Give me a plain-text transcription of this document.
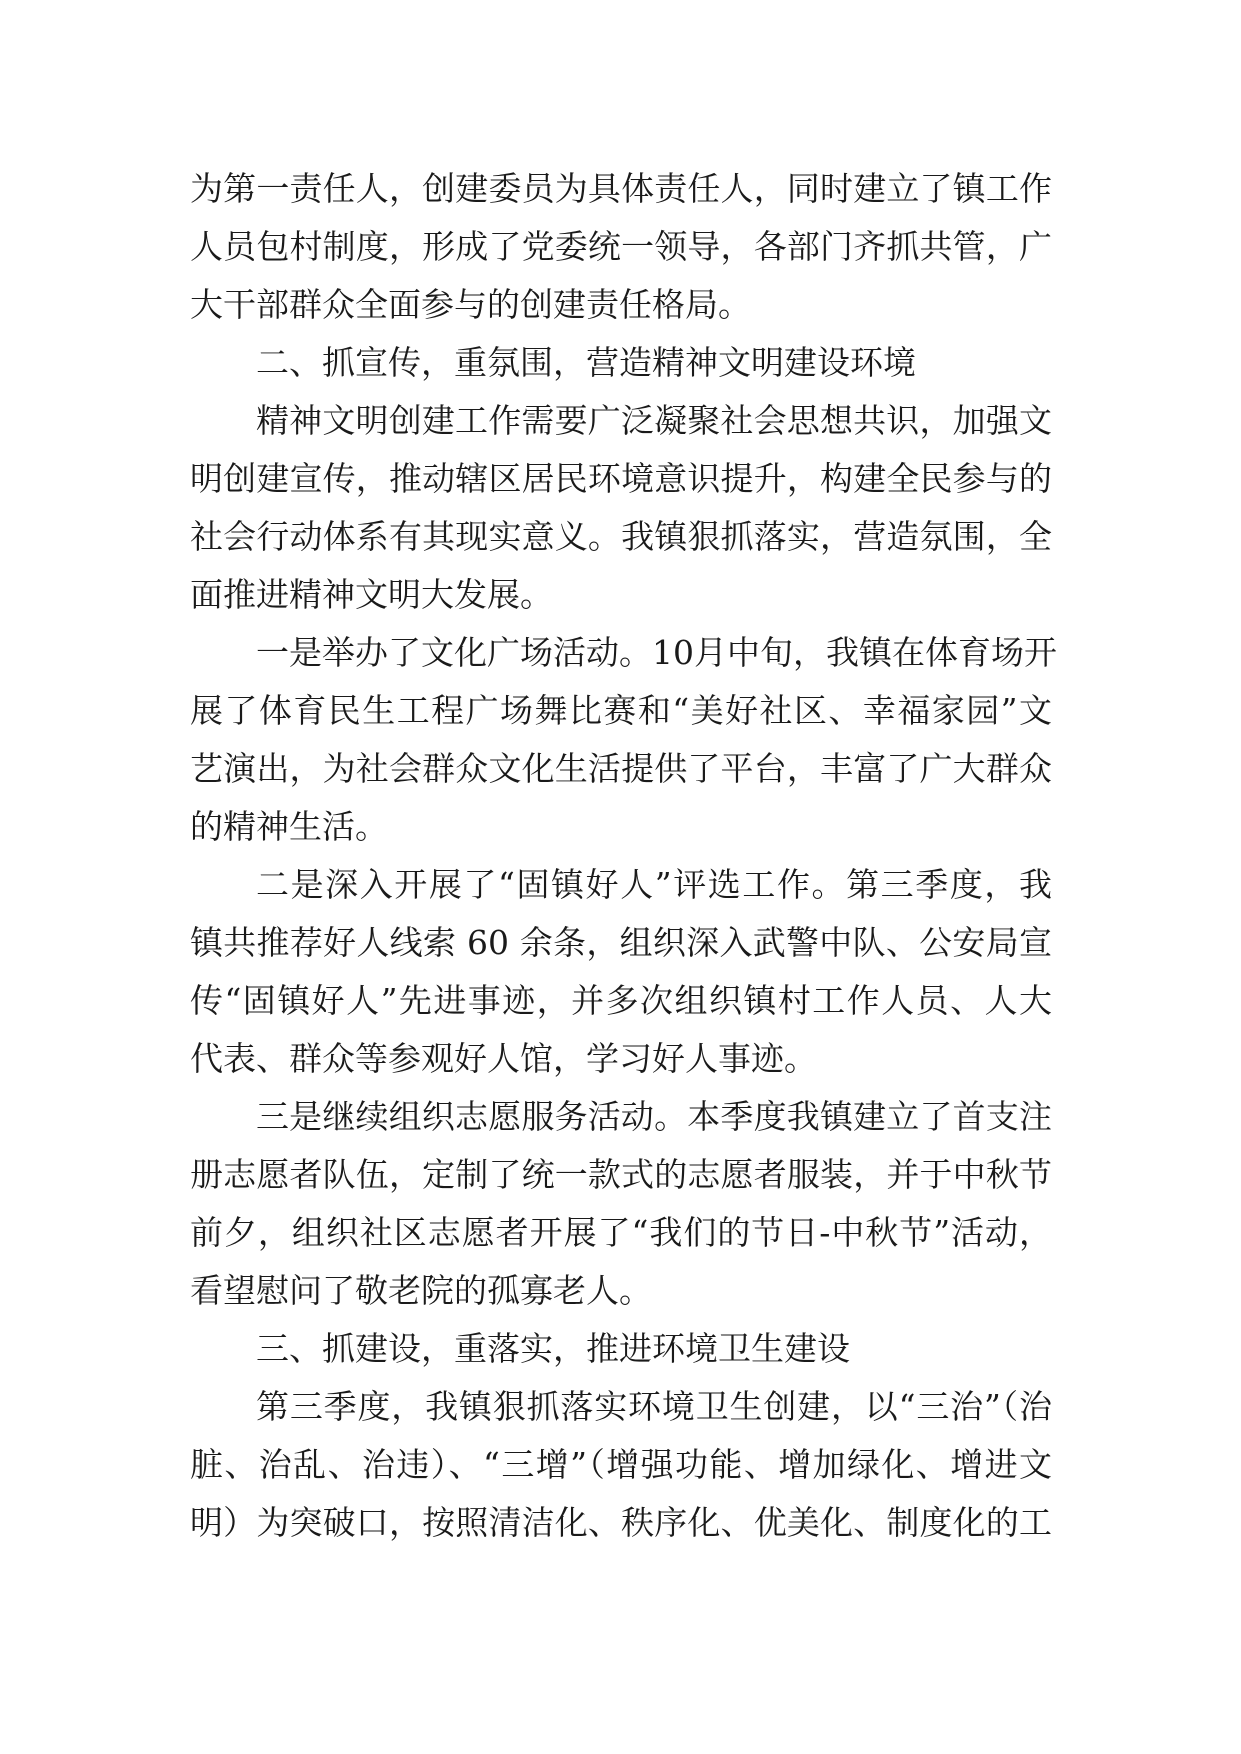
为第一责任人，创建委员为具体责任人，同时建立了镇工作
人员包村制度，形成了党委统一领导，各部门齐抓共管，广
大干部群众全面参与的创建责任格局。
二、抓宣传，重氛围，营造精神文明建设环境
精神文明创建工作需要广泛凝聚社会思想共识，加强文
明创建宣传，推动辖区居民环境意识提升，构建全民参与的
社会行动体系有其现实意义。我镇狠抓落实，营造氛围，全
面推进精神文明大发展。
一是举办了文化广场活动。10月中旬，我镇在体育场开
展了体育民生工程广场舞比赛和“美好社区、幸福家园”文
艺演出，为社会群众文化生活提供了平台，丰富了广大群众
的精神生活。
二是深入开展了“固镇好人”评选工作。第三季度，我
镇共推荐好人线索 60 余条，组织深入武警中队、公安局宣
传“固镇好人”先进事迹，并多次组织镇村工作人员、人大
代表、群众等参观好人馆，学习好人事迹。
三是继续组织志愿服务活动。本季度我镇建立了首支注
册志愿者队伍，定制了统一款式的志愿者服装，并于中秋节
前夕，组织社区志愿者开展了“我们的节日-中秋节”活动，
看望慰问了敬老院的孤寡老人。
三、抓建设，重落实，推进环境卫生建设
第三季度，我镇狠抓落实环境卫生创建，以“三治”（治
脏、治乱、治违）、“三增”（增强功能、增加绿化、增进文
明）为突破口，按照清洁化、秩序化、优美化、制度化的工
